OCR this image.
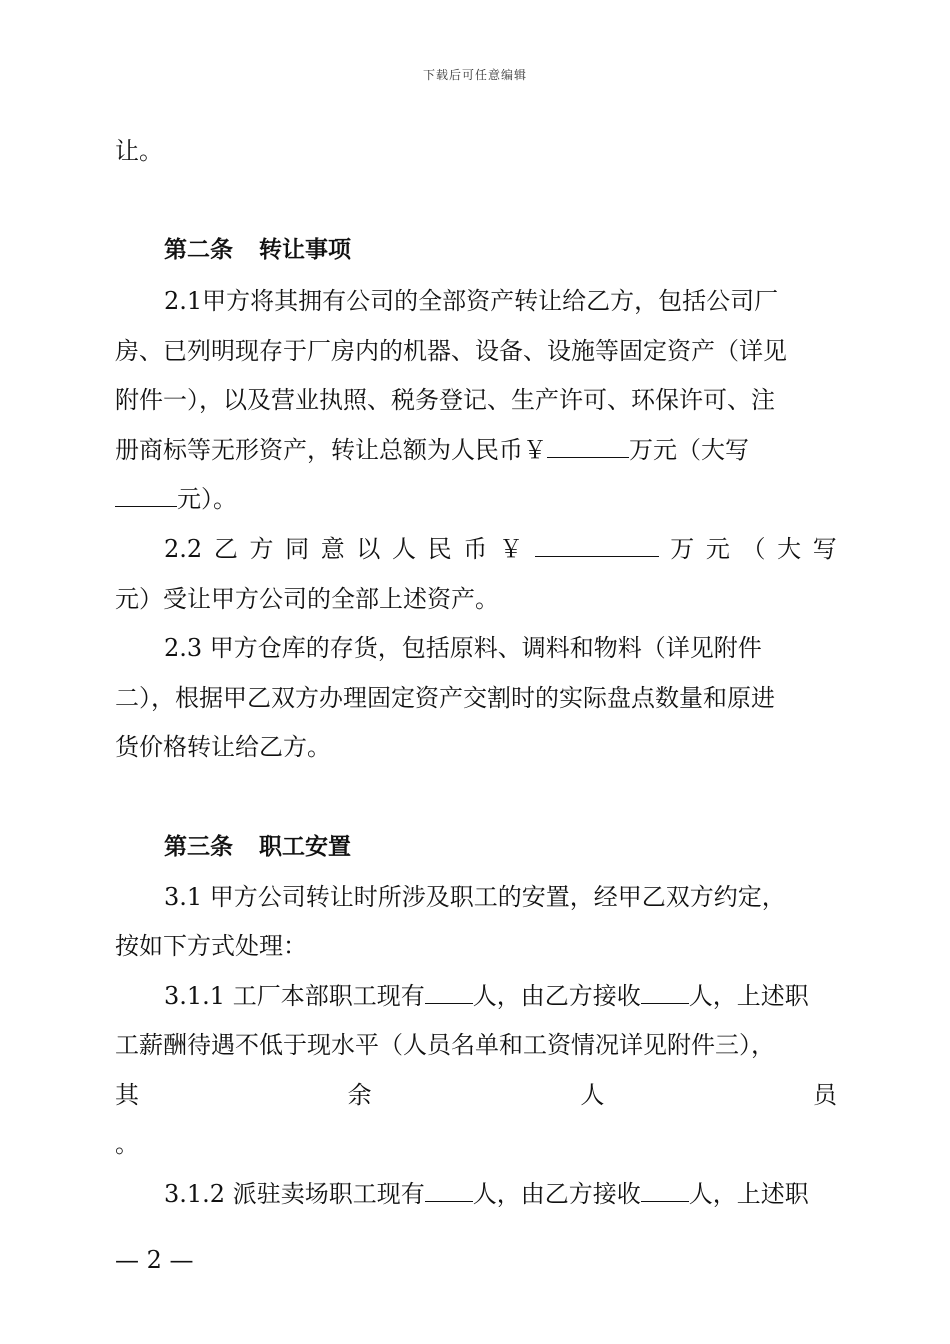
下载后可任意编辑
让。
第二条 转让事项
2.1甲方将其拥有公司的全部资产转让给乙方，包括公司厂
房、已列明现存于厂房内的机器、设备、设施等固定资产（详见
附件一），以及营业执照、税务登记、生产许可、环保许可、注
册商标等无形资产，转让总额为人民币￥	万元（大写
元）。
2.2 乙 方 同 意 以 人 民 币 ￥	万 元 （ 大 写
元）受让甲方公司的全部上述资产。
2.3 甲方仓库的存货，包括原料、调料和物料（详见附件
二），根据甲乙双方办理固定资产交割时的实际盘点数量和原进
货价格转让给乙方。
第三条 职工安置
3.1 甲方公司转让时所涉及职工的安置，经甲乙双方约定，
按如下方式处理：
3.1.1 工厂本部职工现有 人，由乙方接收 人，上述职
工薪酬待遇不低于现水平（人员名单和工资情况详见附件三），
其	余	人	员
。
3.1.2 派驻卖场职工现有 人，由乙方接收 人，上述职
— 2 —
